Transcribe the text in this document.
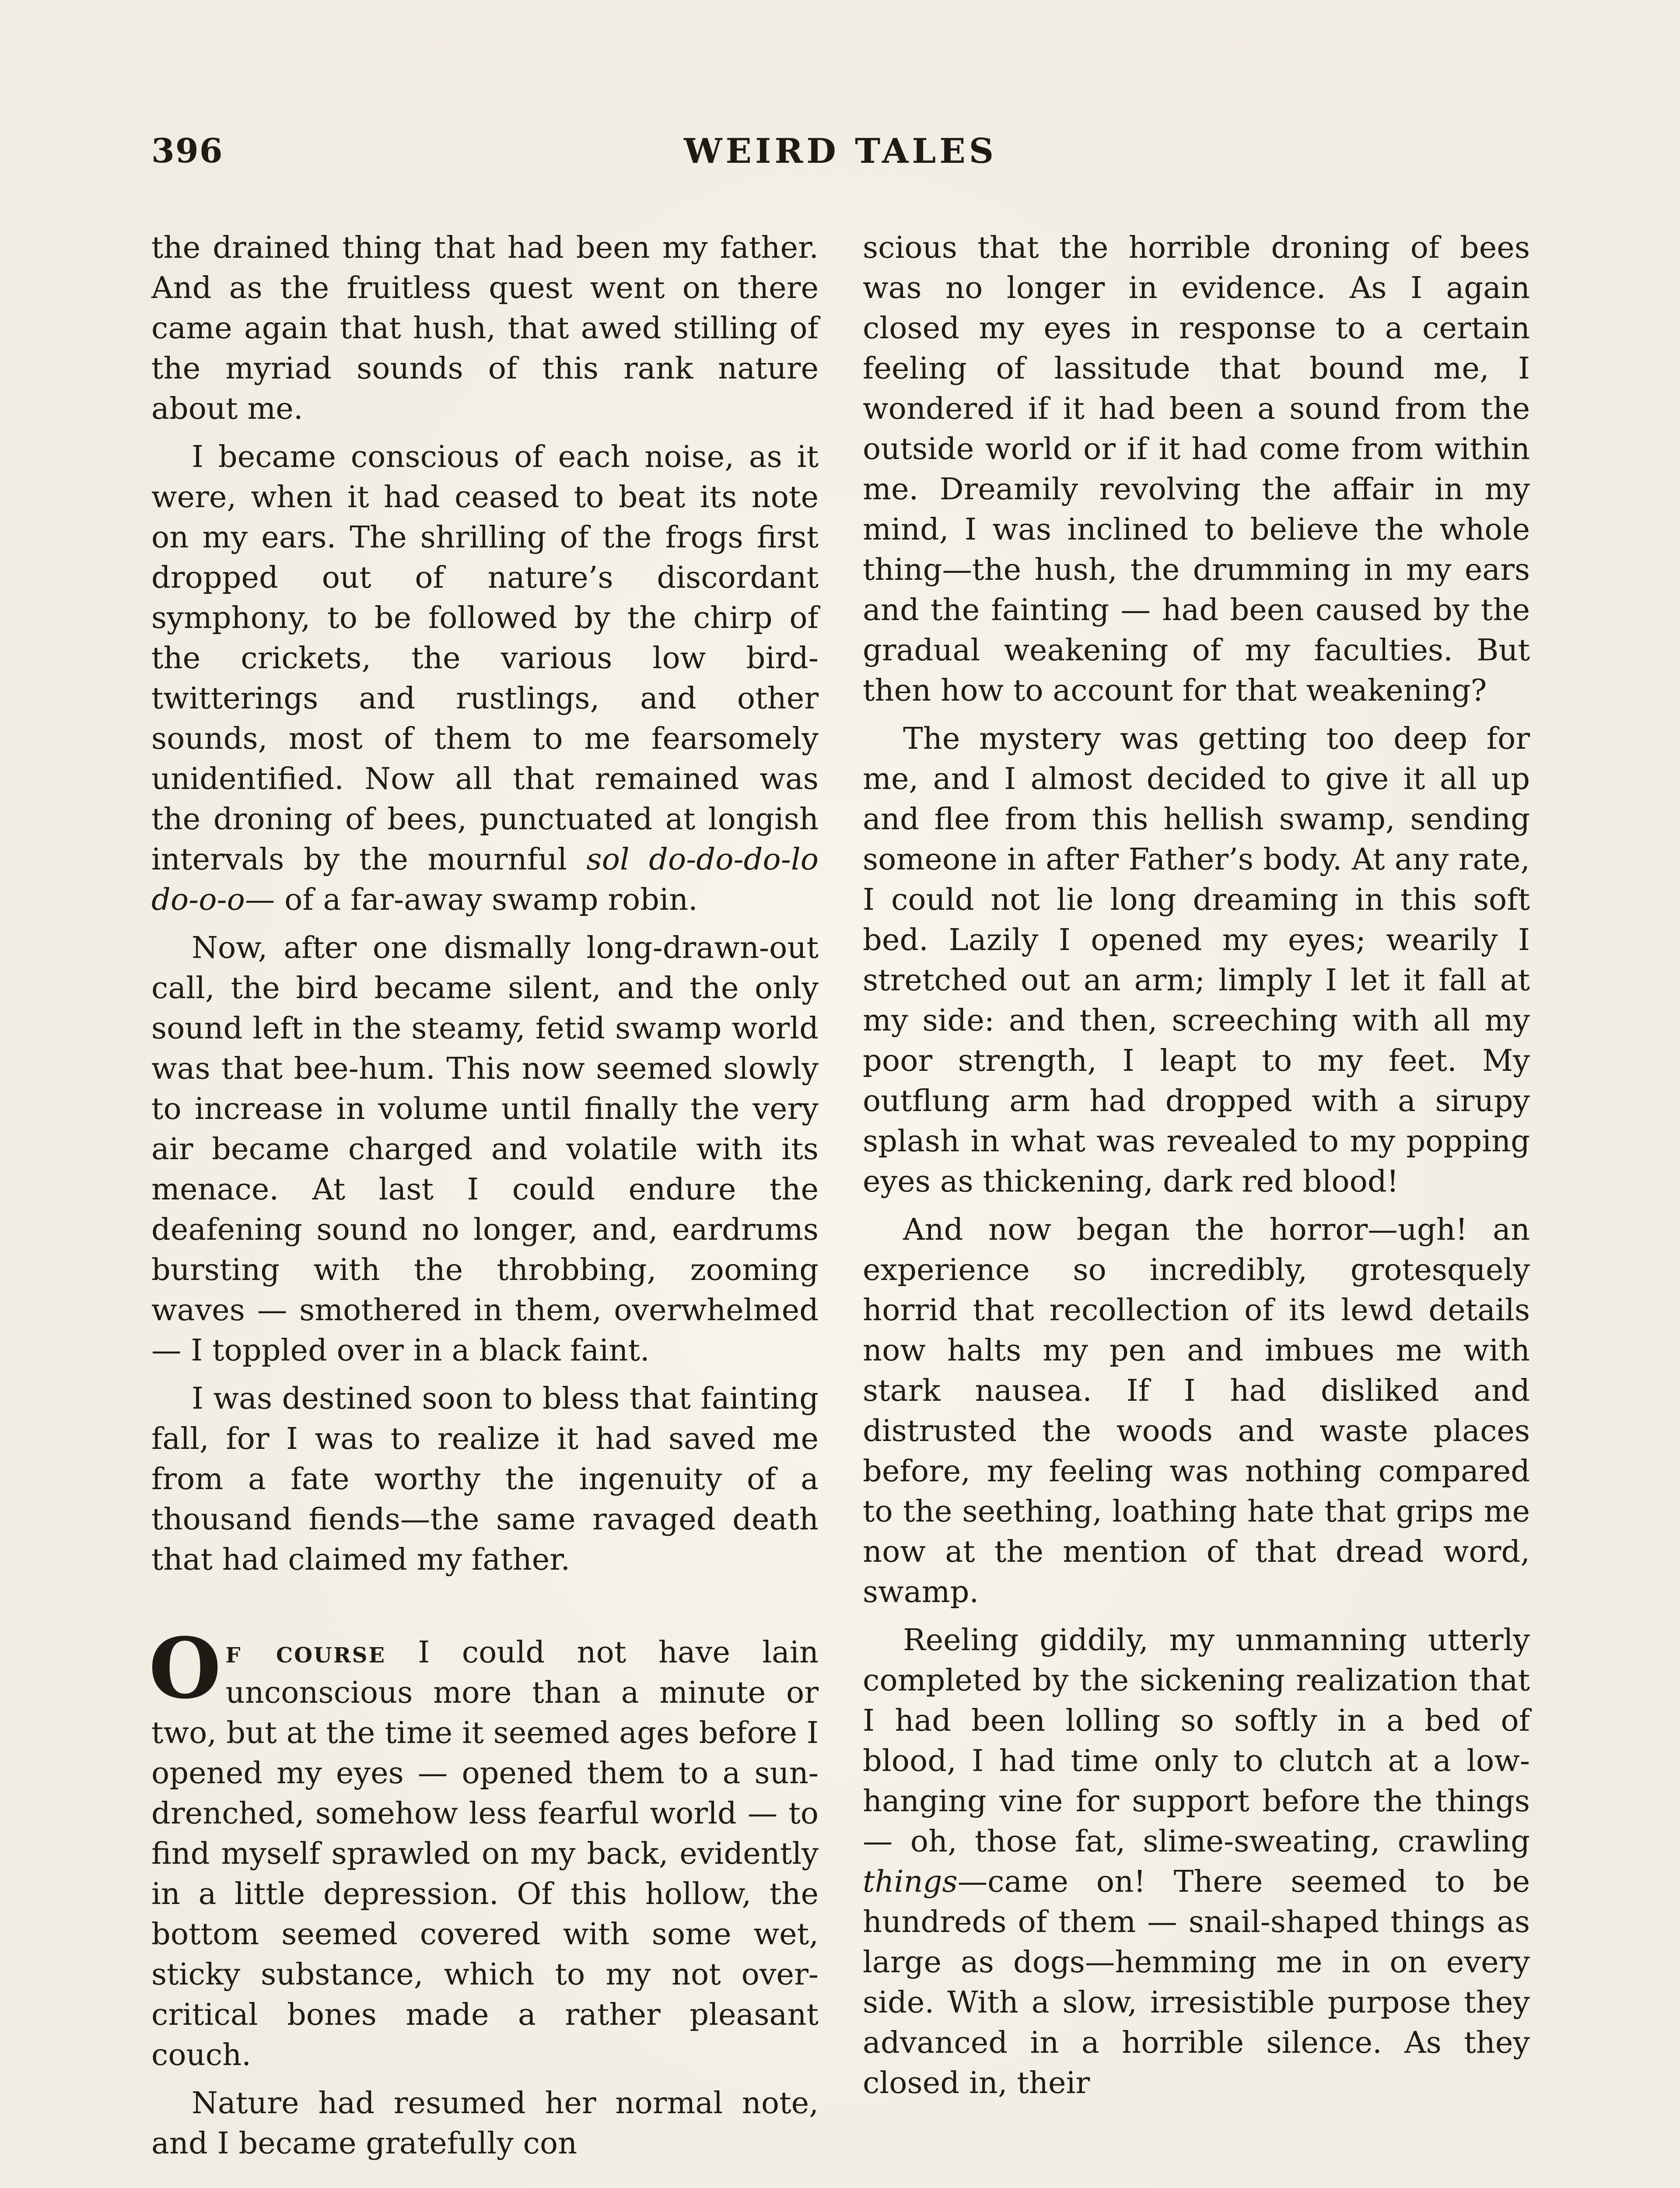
396	WEIRD TALES

the drained thing that had been my father. And as the fruitless quest went on there came again that hush, that awed stilling of the myriad sounds of this rank nature about me.

I became conscious of each noise, as it were, when it had ceased to beat its note on my ears. The shrilling of the frogs first dropped out of nature’s discordant symphony, to be followed by the chirp of the crickets, the various low bird-twitterings and rustlings, and other sounds, most of them to me fearsomely unidentified. Now all that remained was the droning of bees, punctuated at longish intervals by the mournful sol do-do-do-lo do-o-o— of a far-away swamp robin.

Now, after one dismally long-drawn-out call, the bird became silent, and the only sound left in the steamy, fetid swamp world was that bee-hum. This now seemed slowly to increase in volume until finally the very air became charged and volatile with its menace. At last I could endure the deafening sound no longer, and, eardrums bursting with the throbbing, zooming waves — smothered in them, overwhelmed — I toppled over in a black faint.

I was destined soon to bless that fainting fall, for I was to realize it had saved me from a fate worthy the ingenuity of a thousand fiends—the same ravaged death that had claimed my father.

Of course I could not have lain unconscious more than a minute or two, but at the time it seemed ages before I opened my eyes — opened them to a sun-drenched, somehow less fearful world — to find myself sprawled on my back, evidently in a little depression. Of this hollow, the bottom seemed covered with some wet, sticky substance, which to my not over-critical bones made a rather pleasant couch.

Nature had resumed her normal note, and I became gratefully con

scious that the horrible droning of bees was no longer in evidence. As I again closed my eyes in response to a certain feeling of lassitude that bound me, I wondered if it had been a sound from the outside world or if it had come from within me. Dreamily revolving the affair in my mind, I was inclined to believe the whole thing—the hush, the drumming in my ears and the fainting — had been caused by the gradual weakening of my faculties. But then how to account for that weakening?

The mystery was getting too deep for me, and I almost decided to give it all up and flee from this hellish swamp, sending someone in after Father’s body. At any rate, I could not lie long dreaming in this soft bed. Lazily I opened my eyes; wearily I stretched out an arm; limply I let it fall at my side: and then, screeching with all my poor strength, I leapt to my feet. My outflung arm had dropped with a sirupy splash in what was revealed to my popping eyes as thickening, dark red blood!

And now began the horror—ugh! an experience so incredibly, grotesquely horrid that recollection of its lewd details now halts my pen and imbues me with stark nausea. If I had disliked and distrusted the woods and waste places before, my feeling was nothing compared to the seething, loathing hate that grips me now at the mention of that dread word, swamp.

Reeling giddily, my unmanning utterly completed by the sickening realization that I had been lolling so softly in a bed of blood, I had time only to clutch at a low-hanging vine for support before the things — oh, those fat, slime-sweating, crawling things—came on! There seemed to be hundreds of them — snail-shaped things as large as dogs—hemming me in on every side. With a slow, irresistible purpose they advanced in a horrible silence. As they closed in, their
